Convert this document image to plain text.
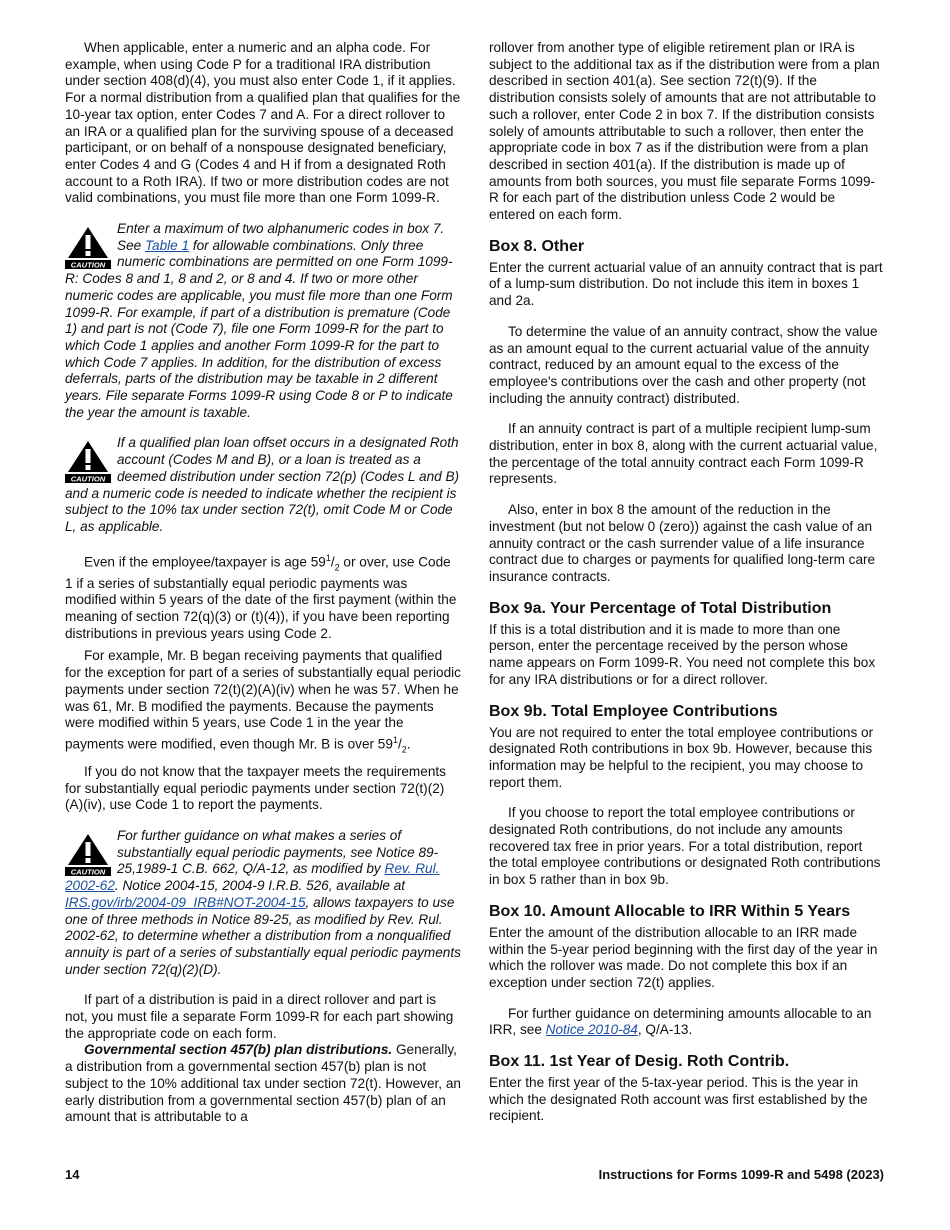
When applicable, enter a numeric and an alpha code. For example, when using Code P for a traditional IRA distribution under section 408(d)(4), you must also enter Code 1, if it applies. For a normal distribution from a qualified plan that qualifies for the 10-year tax option, enter Codes 7 and A. For a direct rollover to an IRA or a qualified plan for the surviving spouse of a deceased participant, or on behalf of a nonspouse designated beneficiary, enter Codes 4 and G (Codes 4 and H if from a designated Roth account to a Roth IRA). If two or more distribution codes are not valid combinations, you must file more than one Form 1099-R.

CAUTION
Enter a maximum of two alphanumeric codes in box 7. See Table 1 for allowable combinations. Only three numeric combinations are permitted on one Form 1099-R: Codes 8 and 1, 8 and 2, or 8 and 4. If two or more other numeric codes are applicable, you must file more than one Form 1099-R. For example, if part of a distribution is premature (Code 1) and part is not (Code 7), file one Form 1099-R for the part to which Code 1 applies and another Form 1099-R for the part to which Code 7 applies. In addition, for the distribution of excess deferrals, parts of the distribution may be taxable in 2 different years. File separate Forms 1099-R using Code 8 or P to indicate the year the amount is taxable.
CAUTION
If a qualified plan loan offset occurs in a designated Roth account (Codes M and B), or a loan is treated as a deemed distribution under section 72(p) (Codes L and B) and a numeric code is needed to indicate whether the recipient is subject to the 10% tax under section 72(t), omit Code M or Code L, as applicable.

Even if the employee/taxpayer is age $59^1/_2$ or over, use Code 1 if a series of substantially equal periodic payments was modified within 5 years of the date of the first payment (within the meaning of section 72(q)(3) or (t)(4)), if you have been reporting distributions in previous years using Code 2.

For example, Mr. B began receiving payments that qualified for the exception for part of a series of substantially equal periodic payments under section 72(t)(2)(A)(iv) when he was 57. When he was 61, Mr. B modified the payments. Because the payments were modified within 5 years, use Code 1 in the year the payments were modified, even though Mr. B is over $59^1/_2$.

If you do not know that the taxpayer meets the requirements for substantially equal periodic payments under section 72(t)(2)(A)(iv), use Code 1 to report the payments.

CAUTION
For further guidance on what makes a series of substantially equal periodic payments, see Notice 89-25,1989-1 C.B. 662, Q/A-12, as modified by Rev. Rul. 2002-62. Notice 2004-15, 2004-9 I.R.B. 526, available at IRS.gov/irb/2004-09_IRB#NOT-2004-15, allows taxpayers to use one of three methods in Notice 89-25, as modified by Rev. Rul. 2002-62, to determine whether a distribution from a nonqualified annuity is part of a series of substantially equal periodic payments under section 72(q)(2)(D).

If part of a distribution is paid in a direct rollover and part is not, you must file a separate Form 1099-R for each part showing the appropriate code on each form.

Governmental section 457(b) plan distributions. Generally, a distribution from a governmental section 457(b) plan is not subject to the 10% additional tax under section 72(t). However, an early distribution from a governmental section 457(b) plan of an amount that is attributable to a

rollover from another type of eligible retirement plan or IRA is subject to the additional tax as if the distribution were from a plan described in section 401(a). See section 72(t)(9). If the distribution consists solely of amounts that are not attributable to such a rollover, enter Code 2 in box 7. If the distribution consists solely of amounts attributable to such a rollover, then enter the appropriate code in box 7 as if the distribution were from a plan described in section 401(a). If the distribution is made up of amounts from both sources, you must file separate Forms 1099-R for each part of the distribution unless Code 2 would be entered on each form.

Box 8. Other

Enter the current actuarial value of an annuity contract that is part of a lump-sum distribution. Do not include this item in boxes 1 and 2a.

To determine the value of an annuity contract, show the value as an amount equal to the current actuarial value of the annuity contract, reduced by an amount equal to the excess of the employee's contributions over the cash and other property (not including the annuity contract) distributed.

If an annuity contract is part of a multiple recipient lump-sum distribution, enter in box 8, along with the current actuarial value, the percentage of the total annuity contract each Form 1099-R represents.

Also, enter in box 8 the amount of the reduction in the investment (but not below 0 (zero)) against the cash value of an annuity contract or the cash surrender value of a life insurance contract due to charges or payments for qualified long-term care insurance contracts.

Box 9a. Your Percentage of Total Distribution

If this is a total distribution and it is made to more than one person, enter the percentage received by the person whose name appears on Form 1099-R. You need not complete this box for any IRA distributions or for a direct rollover.

Box 9b. Total Employee Contributions

You are not required to enter the total employee contributions or designated Roth contributions in box 9b. However, because this information may be helpful to the recipient, you may choose to report them.

If you choose to report the total employee contributions or designated Roth contributions, do not include any amounts recovered tax free in prior years. For a total distribution, report the total employee contributions or designated Roth contributions in box 5 rather than in box 9b.

Box 10. Amount Allocable to IRR Within 5 Years

Enter the amount of the distribution allocable to an IRR made within the 5-year period beginning with the first day of the year in which the rollover was made. Do not complete this box if an exception under section 72(t) applies.

For further guidance on determining amounts allocable to an IRR, see Notice 2010-84, Q/A-13.

Box 11. 1st Year of Desig. Roth Contrib.

Enter the first year of the 5-tax-year period. This is the year in which the designated Roth account was first established by the recipient.

14	Instructions for Forms 1099-R and 5498 (2023)
